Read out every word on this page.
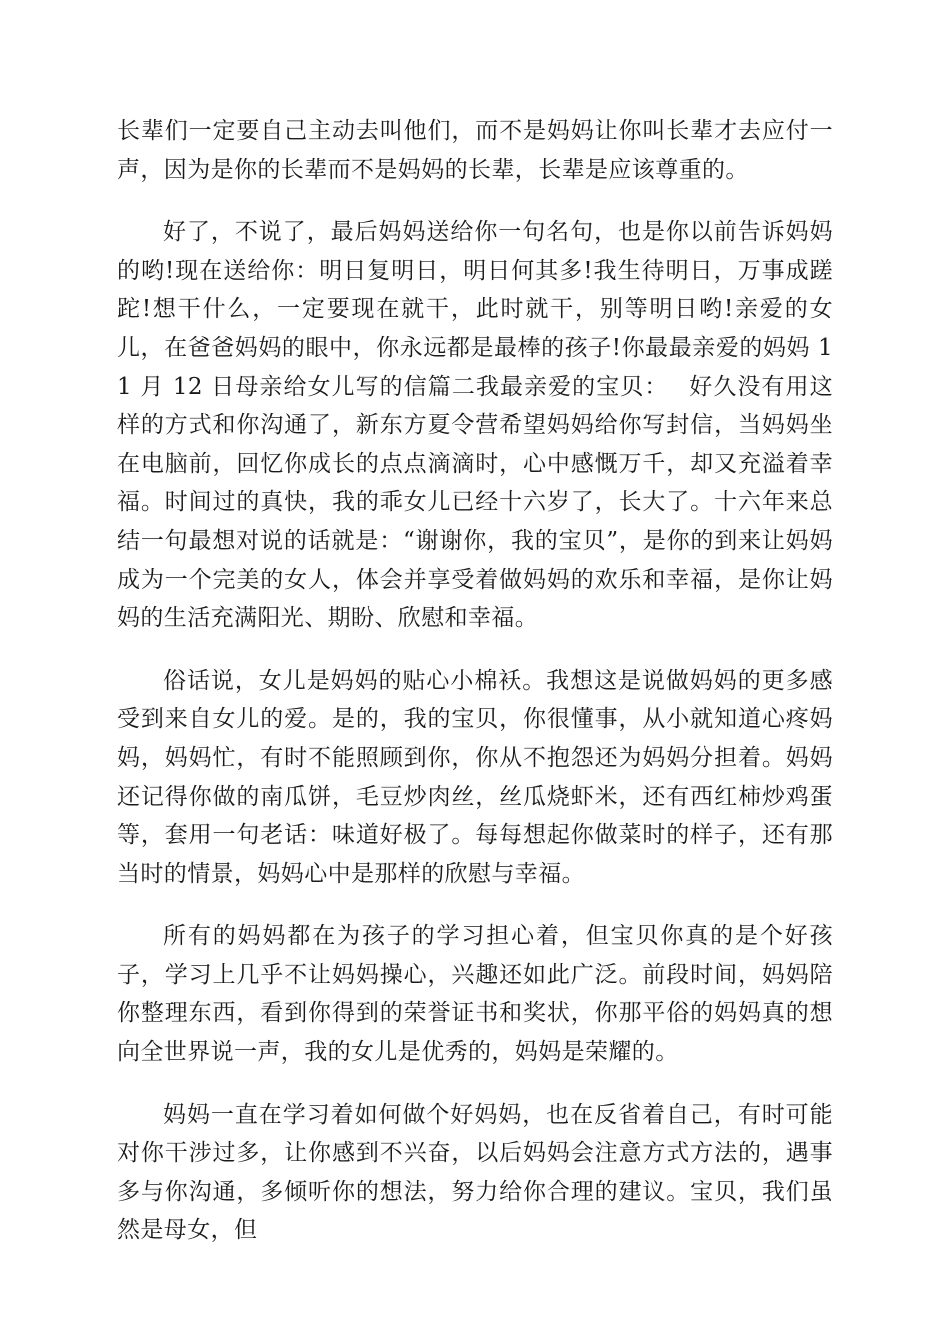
长辈们一定要自己主动去叫他们，而不是妈妈让你叫长辈才去应付一声，因为是你的长辈而不是妈妈的长辈，长辈是应该尊重的。

好了，不说了，最后妈妈送给你一句名句，也是你以前告诉妈妈的哟!现在送给你：明日复明日，明日何其多!我生待明日，万事成蹉跎!想干什么，一定要现在就干，此时就干，别等明日哟!亲爱的女儿，在爸爸妈妈的眼中，你永远都是最棒的孩子!你最最亲爱的妈妈 11 月 12 日母亲给女儿写的信篇二我最亲爱的宝贝：　 好久没有用这样的方式和你沟通了，新东方夏令营希望妈妈给你写封信，当妈妈坐在电脑前，回忆你成长的点点滴滴时，心中感慨万千，却又充溢着幸福。时间过的真快，我的乖女儿已经十六岁了，长大了。十六年来总结一句最想对说的话就是：“谢谢你，我的宝贝”，是你的到来让妈妈成为一个完美的女人，体会并享受着做妈妈的欢乐和幸福，是你让妈妈的生活充满阳光、期盼、欣慰和幸福。

俗话说，女儿是妈妈的贴心小棉袄。我想这是说做妈妈的更多感受到来自女儿的爱。是的，我的宝贝，你很懂事，从小就知道心疼妈妈，妈妈忙，有时不能照顾到你，你从不抱怨还为妈妈分担着。妈妈还记得你做的南瓜饼，毛豆炒肉丝，丝瓜烧虾米，还有西红柿炒鸡蛋等，套用一句老话：味道好极了。每每想起你做菜时的样子，还有那当时的情景，妈妈心中是那样的欣慰与幸福。

所有的妈妈都在为孩子的学习担心着，但宝贝你真的是个好孩子，学习上几乎不让妈妈操心，兴趣还如此广泛。前段时间，妈妈陪你整理东西，看到你得到的荣誉证书和奖状，你那平俗的妈妈真的想向全世界说一声，我的女儿是优秀的，妈妈是荣耀的。

妈妈一直在学习着如何做个好妈妈，也在反省着自己，有时可能对你干涉过多，让你感到不兴奋，以后妈妈会注意方式方法的，遇事多与你沟通，多倾听你的想法，努力给你合理的建议。宝贝，我们虽然是母女，但
